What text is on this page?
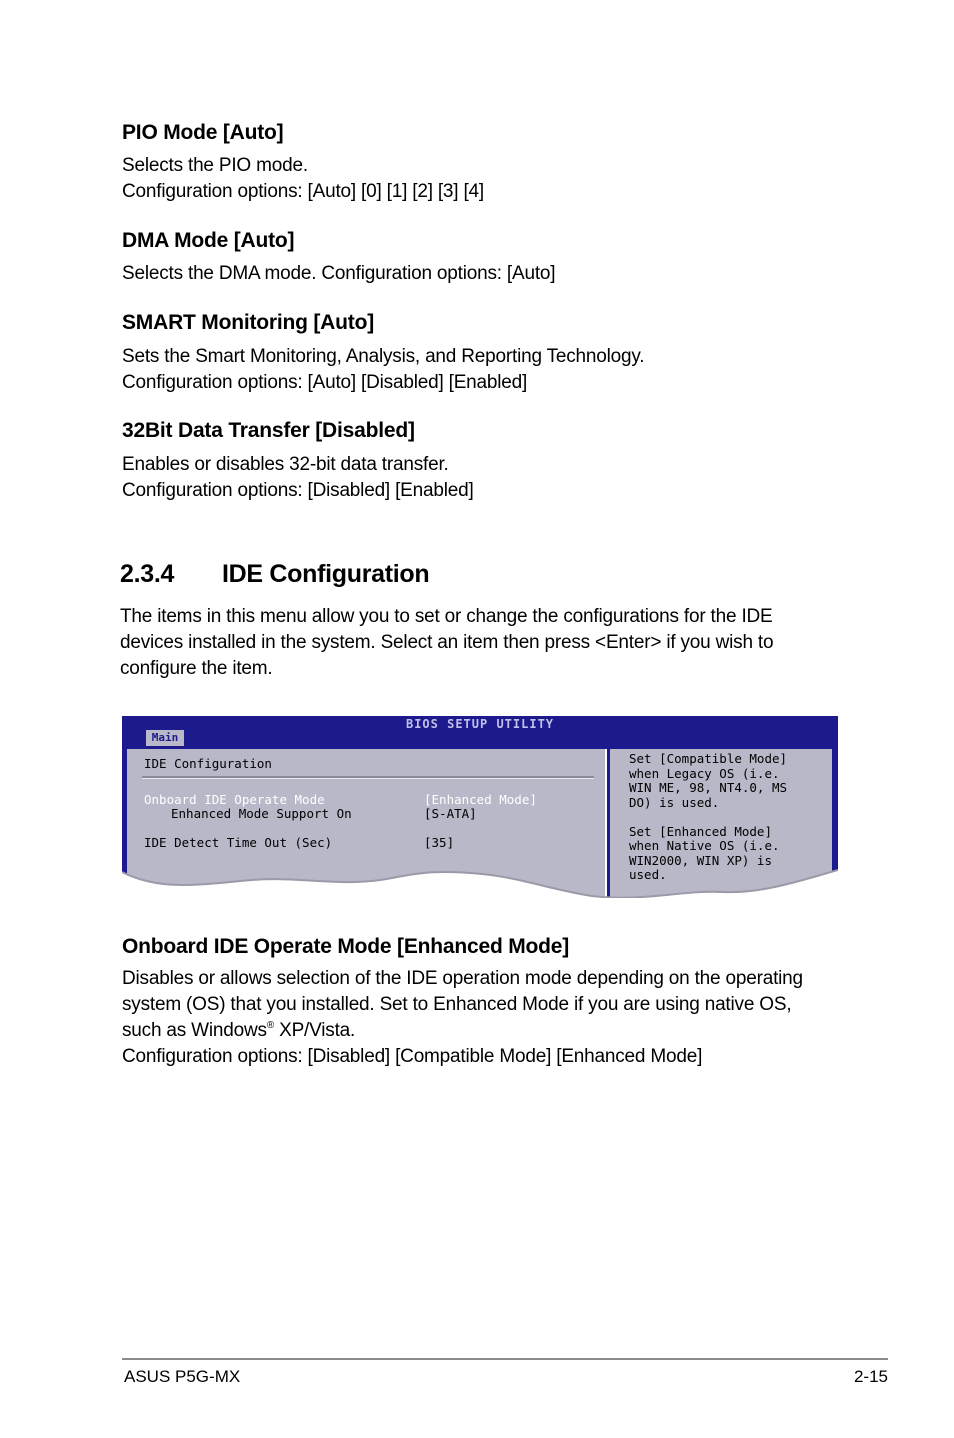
PIO Mode [Auto]
Selects the PIO mode.
Configuration options: [Auto] [0] [1] [2] [3] [4]
DMA Mode [Auto]
Selects the DMA mode. Configuration options: [Auto]
SMART Monitoring [Auto]
Sets the Smart Monitoring, Analysis, and Reporting Technology.
Configuration options: [Auto] [Disabled] [Enabled]
32Bit Data Transfer [Disabled]
Enables or disables 32-bit data transfer.
Configuration options: [Disabled] [Enabled]
2.3.4 IDE Configuration
The items in this menu allow you to set or change the configurations for the IDE
devices installed in the system. Select an item then press <Enter> if you wish to
configure the item.
BIOS SETUP UTILITY
Main
IDE Configuration
Onboard IDE Operate Mode	[Enhanced Mode]
Enhanced Mode Support On	[S-ATA]
IDE Detect Time Out (Sec)	[35]
Set [Compatible Mode]
when Legacy OS (i.e.
WIN ME, 98, NT4.0, MS
DO) is used.
Set [Enhanced Mode]
when Native OS (i.e.
WIN2000, WIN XP) is
used.
Onboard IDE Operate Mode [Enhanced Mode]
Disables or allows selection of the IDE operation mode depending on the operating
system (OS) that you installed. Set to Enhanced Mode if you are using native OS,
such as Windows® XP/Vista.
Configuration options: [Disabled] [Compatible Mode] [Enhanced Mode]
ASUS P5G-MX	2-15
